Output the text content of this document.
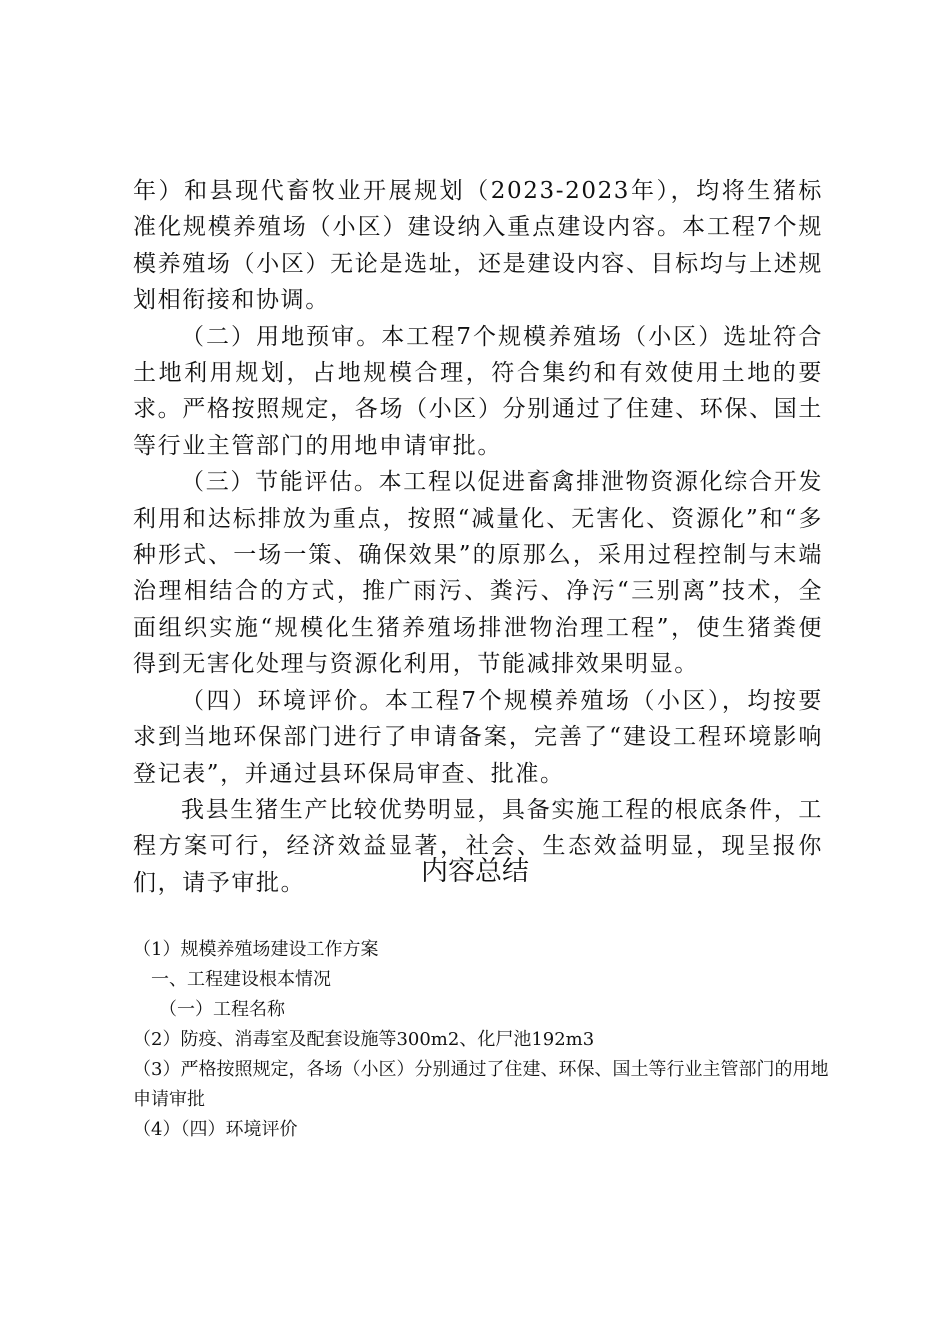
年）和县现代畜牧业开展规划（2023-2023年），均将生猪标准化规模养殖场（小区）建设纳入重点建设内容。本工程7个规模养殖场（小区）无论是选址，还是建设内容、目标均与上述规划相衔接和协调。

（二）用地预审。本工程7个规模养殖场（小区）选址符合土地利用规划，占地规模合理，符合集约和有效使用土地的要求。严格按照规定，各场（小区）分别通过了住建、环保、国土等行业主管部门的用地申请审批。

（三）节能评估。本工程以促进畜禽排泄物资源化综合开发利用和达标排放为重点，按照“减量化、无害化、资源化”和“多种形式、一场一策、确保效果”的原那么，采用过程控制与末端治理相结合的方式，推广雨污、粪污、净污“三别离”技术，全面组织实施“规模化生猪养殖场排泄物治理工程”，使生猪粪便得到无害化处理与资源化利用，节能减排效果明显。

（四）环境评价。本工程7个规模养殖场（小区），均按要求到当地环保部门进行了申请备案，完善了“建设工程环境影响登记表”，并通过县环保局审查、批准。

我县生猪生产比较优势明显，具备实施工程的根底条件，工程方案可行，经济效益显著，社会、生态效益明显，现呈报你们，请予审批。	内容总结

（1）规模养殖场建设工作方案

一、工程建设根本情况

（一）工程名称

（2）防疫、消毒室及配套设施等300m2、化尸池192m3

（3）严格按照规定，各场（小区）分别通过了住建、环保、国土等行业主管部门的用地申请审批

（4）（四）环境评价
